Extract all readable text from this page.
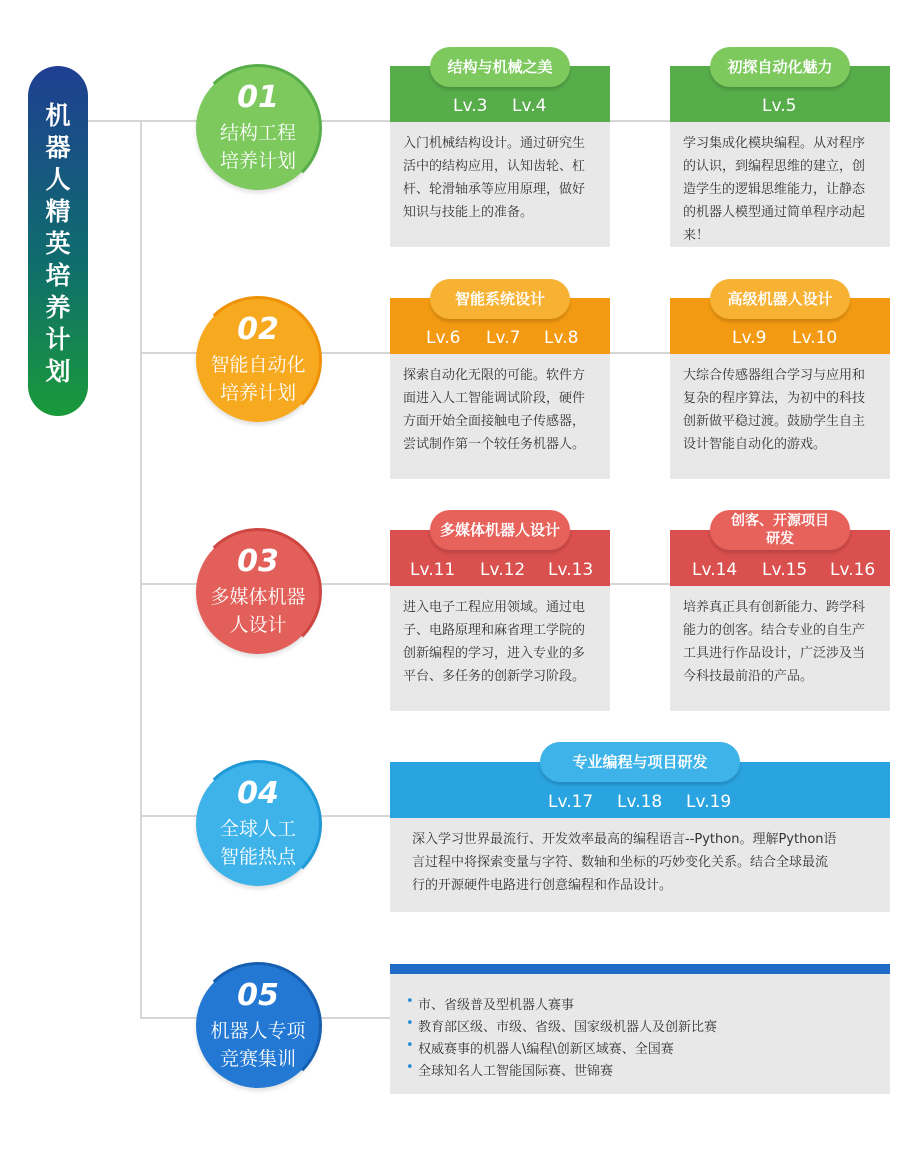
机
器
人
精
英
培
养
计
划
01
结构工程
培养计划
02
智能自动化
培养计划
03
多媒体机器
人设计
04
全球人工
智能热点
05
机器人专项
竞赛集训
Lv.3 Lv.4
入门机械结构设计。通过研究生
活中的结构应用，认知齿轮、杠
杆、轮滑轴承等应用原理，做好
知识与技能上的准备。
结构与机械之美
Lv.5
学习集成化模块编程。从对程序
的认识，到编程思维的建立，创
造学生的逻辑思维能力，让静态
的机器人模型通过简单程序动起
来！
初探自动化魅力
Lv.6 Lv.7 Lv.8
探索自动化无限的可能。软件方
面进入人工智能调试阶段，硬件
方面开始全面接触电子传感器，
尝试制作第一个较任务机器人。
智能系统设计
Lv.9 Lv.10
大综合传感器组合学习与应用和
复杂的程序算法，为初中的科技
创新做平稳过渡。鼓励学生自主
设计智能自动化的游戏。
高级机器人设计
Lv.11 Lv.12 Lv.13
进入电子工程应用领域。通过电
子、电路原理和麻省理工学院的
创新编程的学习，进入专业的多
平台、多任务的创新学习阶段。
多媒体机器人设计
Lv.14 Lv.15 Lv.16
培养真正具有创新能力、跨学科
能力的创客。结合专业的自生产
工具进行作品设计，广泛涉及当
今科技最前沿的产品。
创客、开源项目
研发
Lv.17 Lv.18 Lv.19
深入学习世界最流行、开发效率最高的编程语言--Python。理解Python语
言过程中将探索变量与字符、数轴和坐标的巧妙变化关系。结合全球最流
行的开源硬件电路进行创意编程和作品设计。
专业编程与项目研发
• 市、省级普及型机器人赛事
• 教育部区级、市级、省级、国家级机器人及创新比赛
• 权威赛事的机器人\编程\创新区域赛、全国赛
• 全球知名人工智能国际赛、世锦赛
